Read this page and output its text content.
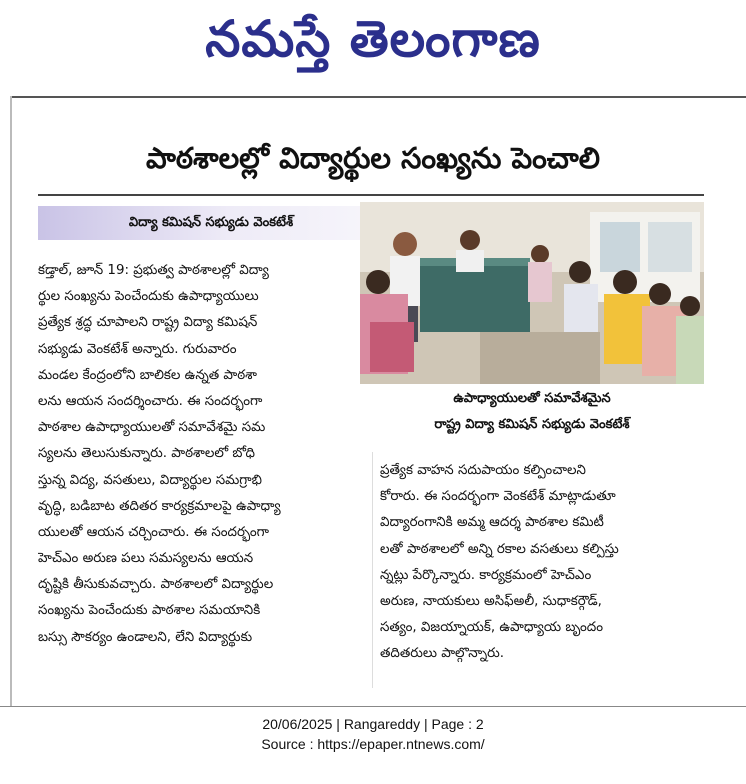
నమస్తే తెలంగాణ
పాఠశాలల్లో విద్యార్థుల సంఖ్యను పెంచాలి
విద్యా కమిషన్ సభ్యుడు వెంకటేశ్
ఉపాధ్యాయులతో సమావేశమైన
రాష్ట్ర విద్యా కమిషన్ సభ్యుడు వెంకటేశ్
కడ్తాల్, జూన్ 19: ప్రభుత్వ పాఠశాలల్లో విద్యా
ర్థుల సంఖ్యను పెంచేందుకు ఉపాధ్యాయులు
ప్రత్యేక శ్రద్ధ చూపాలని రాష్ట్ర విద్యా కమిషన్
సభ్యుడు వెంకటేశ్ అన్నారు. గురువారం
మండల కేంద్రంలోని బాలికల ఉన్నత పాఠశా
లను ఆయన సందర్శించారు. ఈ సందర్భంగా
పాఠశాల ఉపాధ్యాయులతో సమావేశమై సమ
స్యలను తెలుసుకున్నారు. పాఠశాలలో బోధి
స్తున్న విద్య, వసతులు, విద్యార్థుల సమగ్రాభి
వృద్ధి, బడిబాట తదితర కార్యక్రమాలపై ఉపాధ్యా
యులతో ఆయన చర్చించారు. ఈ సందర్భంగా
హెచ్ఎం అరుణ పలు సమస్యలను ఆయన
దృష్టికి తీసుకువచ్చారు. పాఠశాలలో విద్యార్థుల
సంఖ్యను పెంచేందుకు పాఠశాల సమయానికి
బస్సు సౌకర్యం ఉండాలని, లేని విద్యార్థుకు
ప్రత్యేక వాహన సదుపాయం కల్పించాలని
కోరారు. ఈ సందర్భంగా వెంకటేశ్ మాట్లాడుతూ
విద్యారంగానికి అమ్మ ఆదర్శ పాఠశాల కమిటీ
లతో పాఠశాలలో అన్ని రకాల వసతులు కల్పిస్తు
న్నట్లు పేర్కొన్నారు. కార్యక్రమంలో హెచ్ఎం
అరుణ, నాయకులు అసిఫ్అలీ, సుధాకర్గౌడ్,
సత్యం, విజయ్నాయక్, ఉపాధ్యాయ బృందం
తదితరులు పాల్గొన్నారు.
20/06/2025 | Rangareddy | Page : 2
Source : https://epaper.ntnews.com/
